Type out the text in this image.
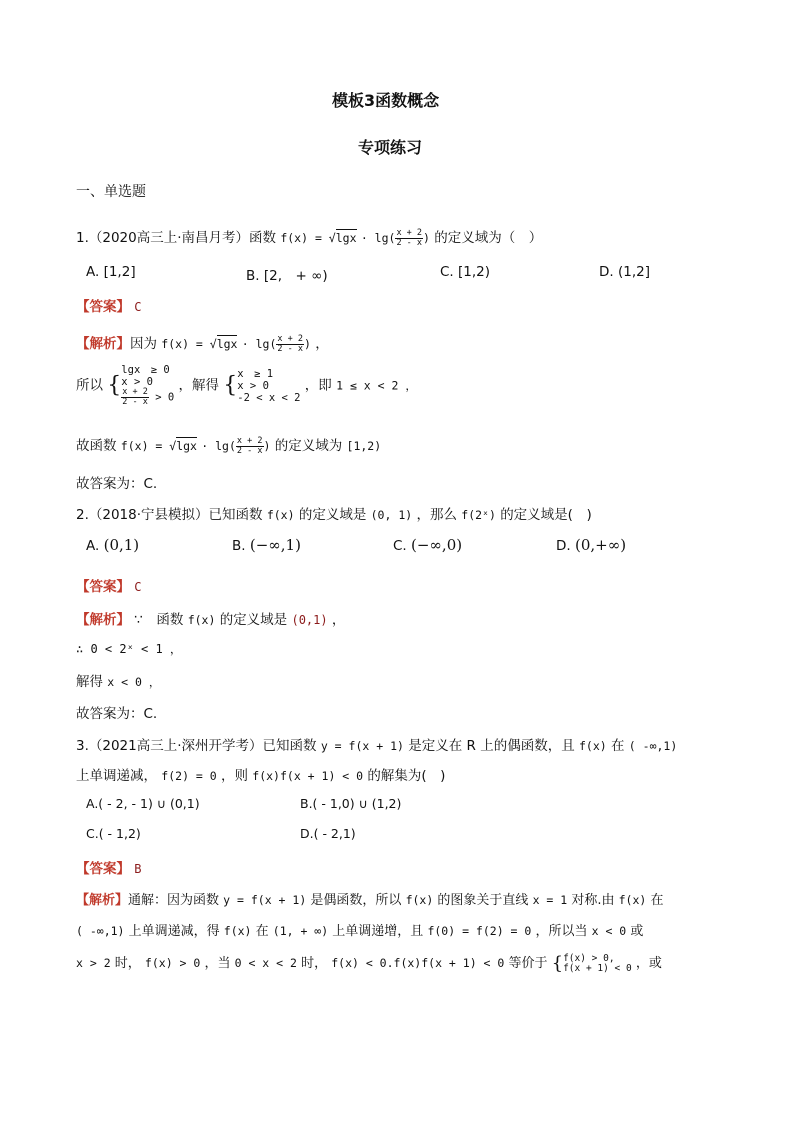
模板3函数概念
专项练习
一、单选题
1.（2020高三上·南昌月考）函数 $f(x) = √\lg x \cdot \lg( \frac{x + 2}{2 - x}$ ) 的定义域为（　）
A. [1,2]	B. [2,　+ ∞)	C. [1,2)	D. (1,2]
【答案】 C
【解析】因为 $f(x) = √\lg x \cdot \lg( \frac{x + 2}{2 - x}$ ) ，
所以 {
lgx　≥ 0
x > 0
$\frac{x + 2}{2 - x} > 0$
，解得 { x　≥ 1
x > 0
-2 < x < 2
，即 1 ≤ x < 2 ，
故函数 $f(x) = √\lg x \cdot \lg( \frac{x + 2}{2 - x}$ ) 的定义域为 [1,2)
故答案为：C.
2.（2018·宁县模拟）已知函数 f(x) 的定义域是 (0, 1) ，那么 f(2ˣ) 的定义域是(　)
A. (0,1)	B. (−∞,1)	C. (−∞,0)	D. (0,+∞)
【答案】 C
【解析】 ∵　函数 f(x) 的定义域是 (0,1) ，
∴ 0 < 2ˣ < 1 ，
解得 x < 0 ，
故答案为：C.
3.（2021高三上·深州开学考）已知函数 y = f(x + 1) 是定义在 R 上的偶函数，且 f(x) 在 ( -∞,1)
上单调递减， f(2) = 0 ，则 f(x)f(x + 1) < 0 的解集为(　)
A.( - 2, - 1) ∪ (0,1)	B.( - 1,0) ∪ (1,2)
C.( - 1,2)	D.( - 2,1)
【答案】 B
【解析】通解：因为函数 y = f(x + 1) 是偶函数，所以 f(x) 的图象关于直线 x = 1 对称.由 f(x) 在
( -∞,1) 上单调递减，得 f(x) 在 (1, + ∞) 上单调递增，且 f(0) = f(2) = 0 ，所以当 x < 0 或
x > 2 时， f(x) > 0 ，当 0 < x < 2 时， f(x) < 0.f(x)f(x + 1) < 0 等价于 { f(x) > 0,
f(x + 1) < 0 ，或
